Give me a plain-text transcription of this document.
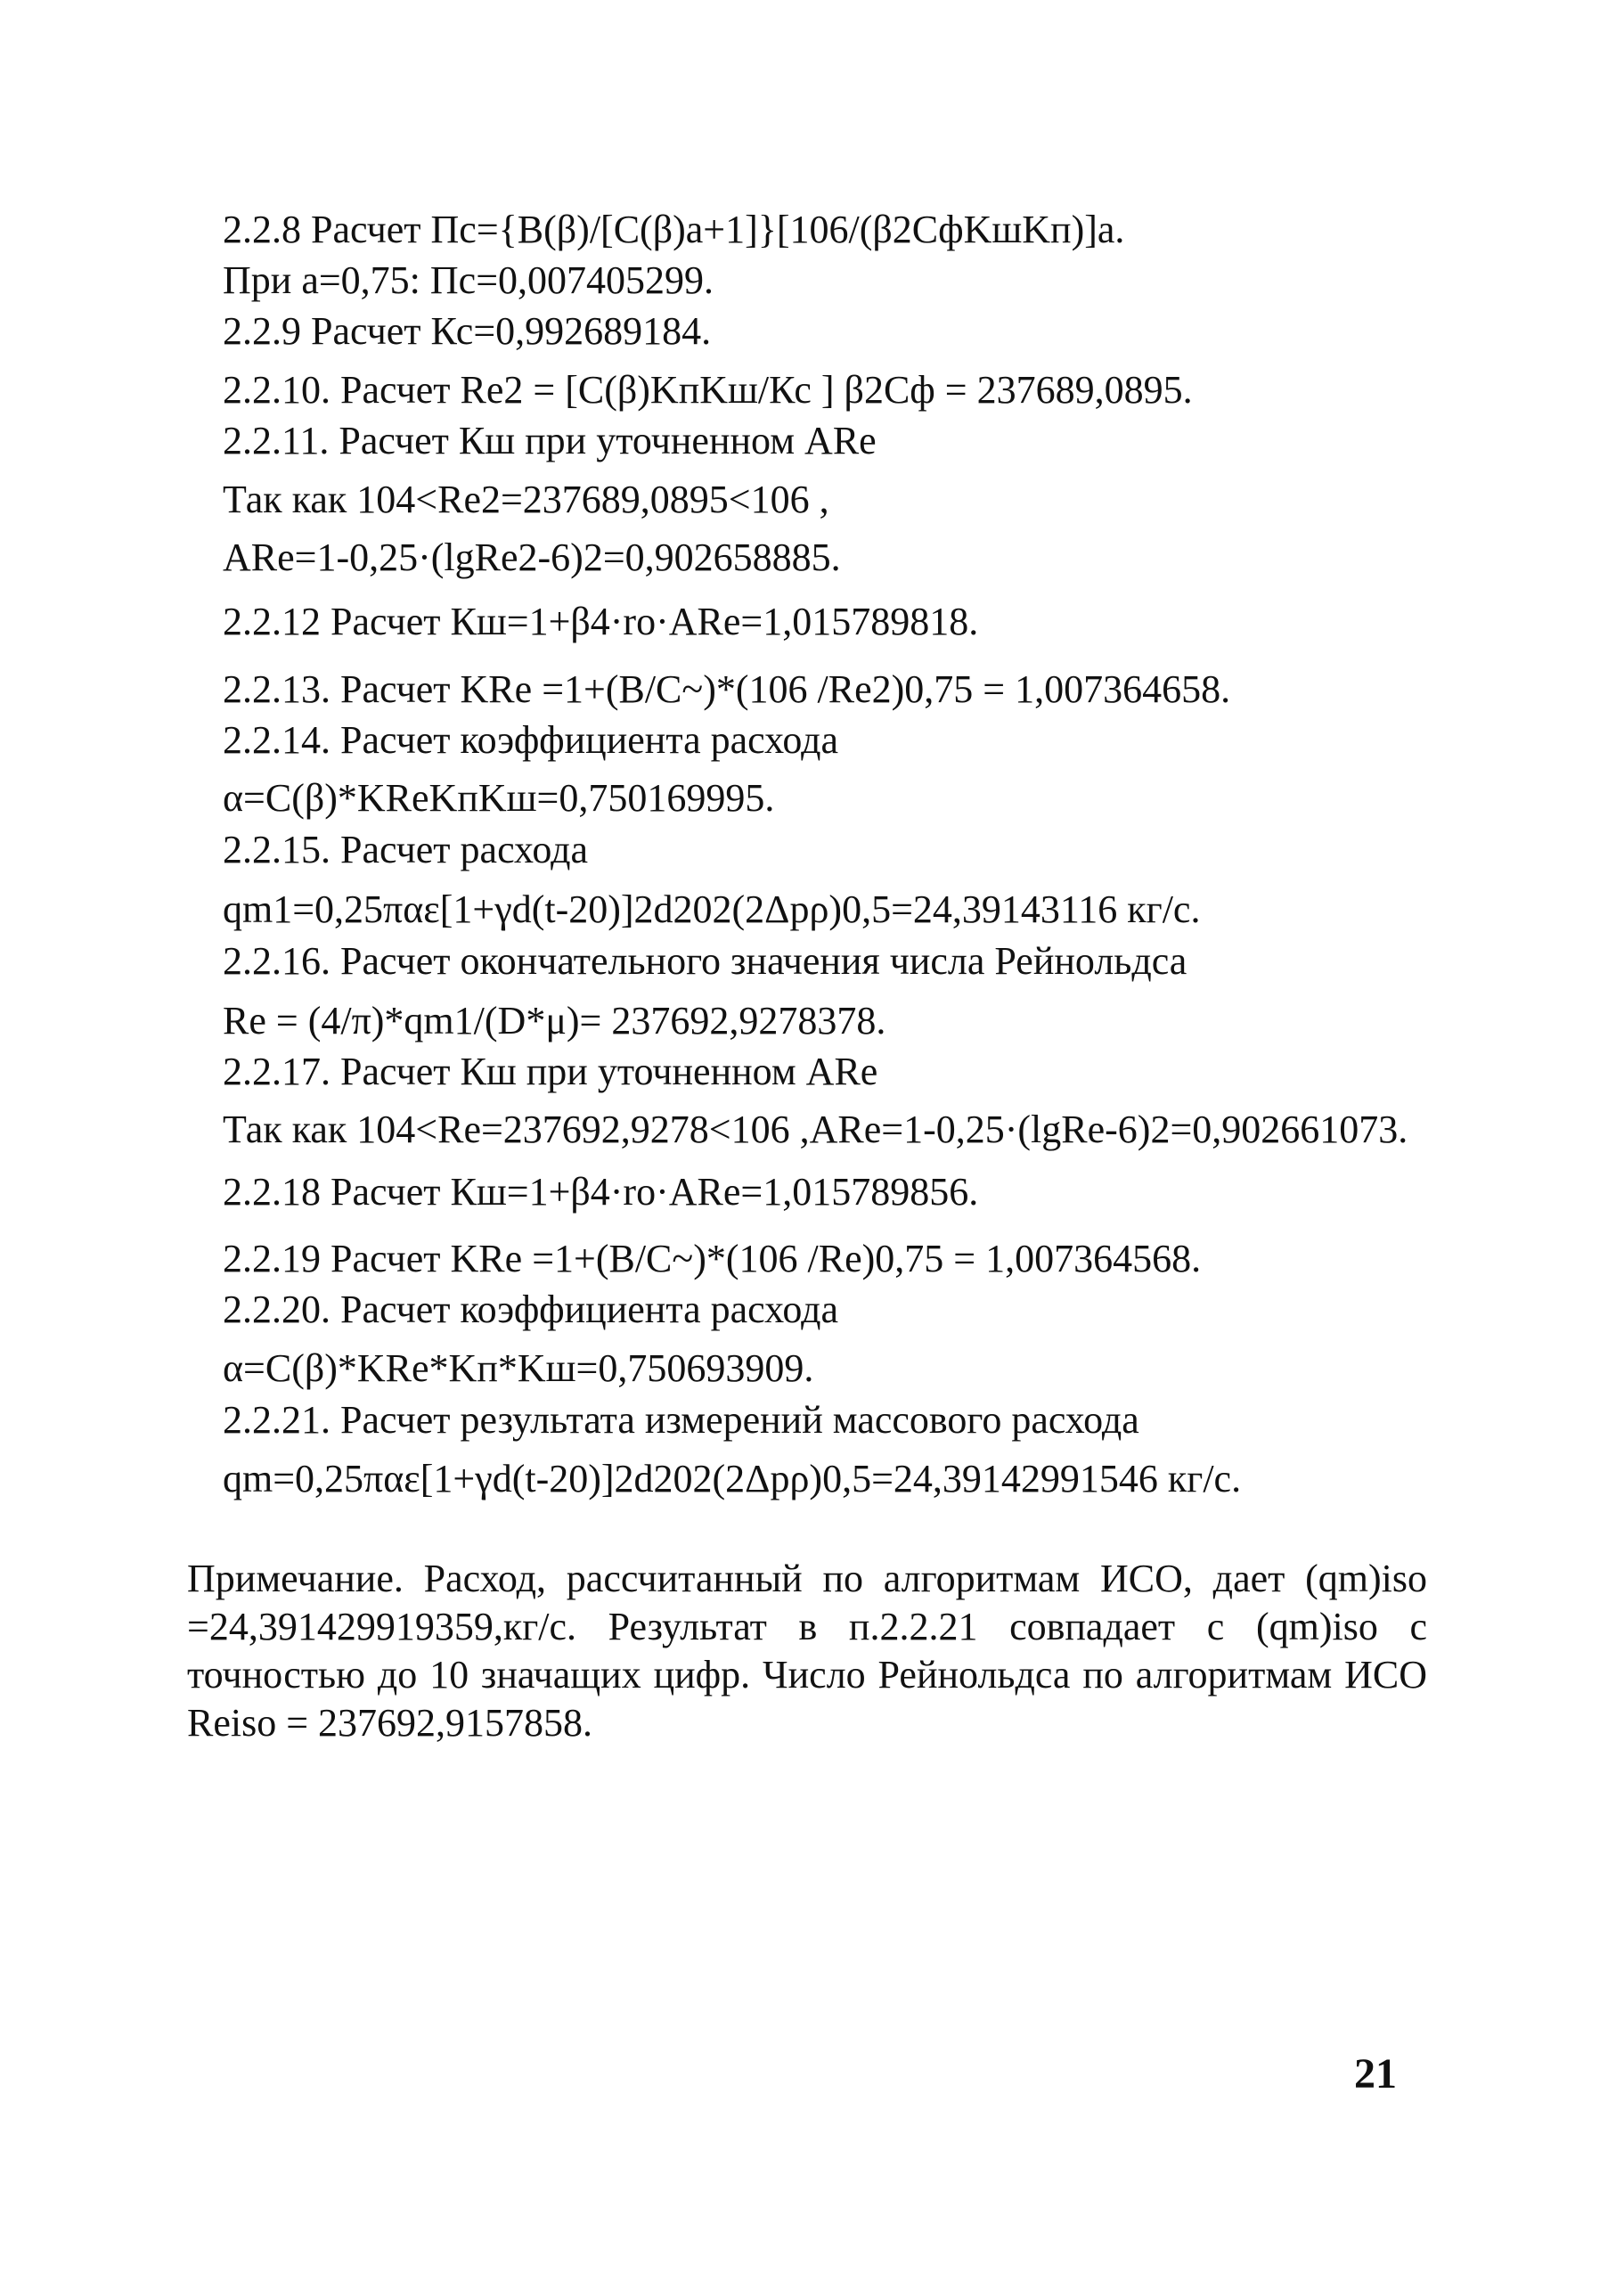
2.2.8 Расчет Пс={B(β)/[C(β)a+1]}[106/(β2CфKшKп)]a.
При a=0,75: Пс=0,007405299.
2.2.9 Расчет Кс=0,992689184.
2.2.10. Расчет Re2 = [C(β)KпKш/Кс ] β2Cф = 237689,0895.
2.2.11. Расчет Кш при уточненном ARe
Так как 104<Re2=237689,0895<106 ,
ARe=1-0,25·(lgRe2-6)2=0,902658885.
2.2.12 Расчет Кш=1+β4·rо·ARe=1,015789818.
2.2.13. Расчет KRe =1+(B/C~)*(106 /Re2)0,75 = 1,007364658.
2.2.14. Расчет коэффициента расхода
α=C(β)*KReKпKш=0,750169995.
2.2.15. Расчет расхода
qm1=0,25παε[1+γd(t-20)]2d202(2Δpρ)0,5=24,39143116 кг/с.
2.2.16. Расчет окончательного значения числа Рейнольдса
Re = (4/π)*qm1/(D*μ)= 237692,9278378.
2.2.17. Расчет Кш при уточненном ARe
Так как 104<Re=237692,9278<106 ,ARe=1-0,25·(lgRe-6)2=0,902661073.
2.2.18 Расчет Кш=1+β4·rо·ARe=1,015789856.
2.2.19 Расчет KRe =1+(B/C~)*(106 /Re)0,75 = 1,007364568.
2.2.20. Расчет коэффициента расхода
α=C(β)*KRe*Kп*Kш=0,750693909.
2.2.21. Расчет результата измерений массового расхода
qm=0,25παε[1+γd(t-20)]2d202(2Δpρ)0,5=24,39142991546 кг/с.
Примечание. Расход, рассчитанный по алгоритмам ИСО, дает (qm)iso =24,391429919359,кг/с. Результат в п.2.2.21 совпадает с (qm)iso с точностью до 10 значащих цифр. Число Рейнольдса по алгоритмам ИСО Reiso = 237692,9157858.
21
